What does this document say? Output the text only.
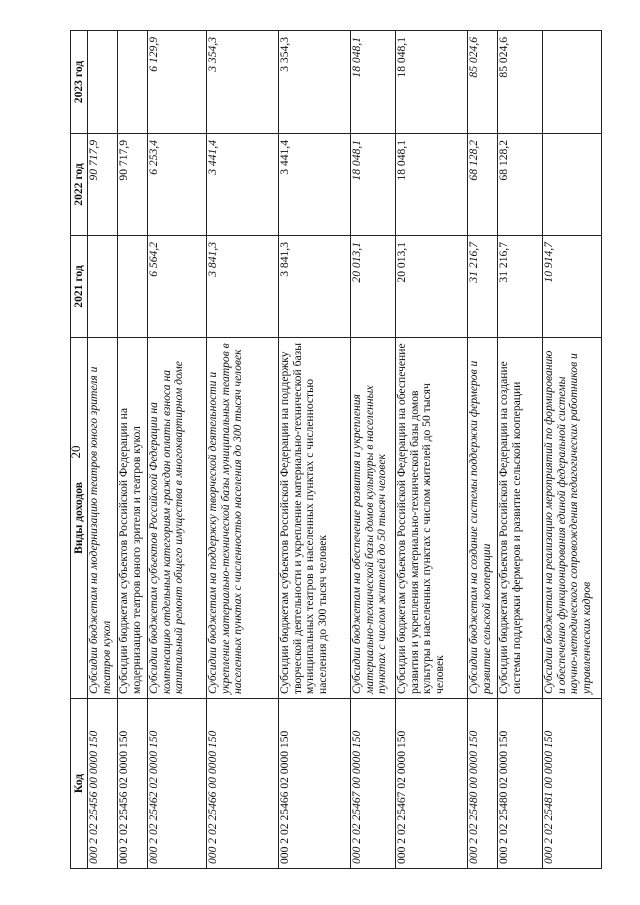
20
Код	Виды доходов	2021 год	2022 год	2023 год
000 2 02 25456 00 0000 150	Субсидии бюджетам на модернизацию театров юного зрителя и театров кукол		90 717,9	
000 2 02 25456 02 0000 150	Субсидии бюджетам субъектов Российской Федерации на модернизацию театров юного зрителя и театров кукол		90 717,9	
000 2 02 25462 02 0000 150	Субсидии бюджетам субъектов Российской Федерации на компенсацию отдельным категориям граждан оплаты взноса на капитальный ремонт общего имущества в многоквартирном доме	6 564,2	6 253,4	6 129,9
000 2 02 25466 00 0000 150	Субсидии бюджетам на поддержку творческой деятельности и укрепление материально-технической базы муниципальных театров в населенных пунктах с численностью населения до 300 тысяч человек	3 841,3	3 441,4	3 354,3
000 2 02 25466 02 0000 150	Субсидии бюджетам субъектов Российской Федерации на поддержку творческой деятельности и укрепление материально-технической базы муниципальных театров в населенных пунктах с численностью населения до 300 тысяч человек	3 841,3	3 441,4	3 354,3
000 2 02 25467 00 0000 150	Субсидии бюджетам на обеспечение развития и укрепления материально-технической базы домов культуры в населенных пунктах с числом жителей до 50 тысяч человек	20 013,1	18 048,1	18 048,1
000 2 02 25467 02 0000 150	Субсидии бюджетам субъектов Российской Федерации на обеспечение развития и укрепления материально-технической базы домов культуры в населенных пунктах с числом жителей до 50 тысяч человек	20 013,1	18 048,1	18 048,1
000 2 02 25480 00 0000 150	Субсидии бюджетам на создание системы поддержки фермеров и развитие сельской кооперации	31 216,7	68 128,2	85 024,6
000 2 02 25480 02 0000 150	Субсидии бюджетам субъектов Российской Федерации на создание системы поддержки фермеров и развитие сельской кооперации	31 216,7	68 128,2	85 024,6
000 2 02 25481 00 0000 150	Субсидии бюджетам на реализацию мероприятий по формированию и обеспечению функционирования единой федеральной системы научно-методического сопровождения педагогических работников и управленческих кадров	10 914,7		
